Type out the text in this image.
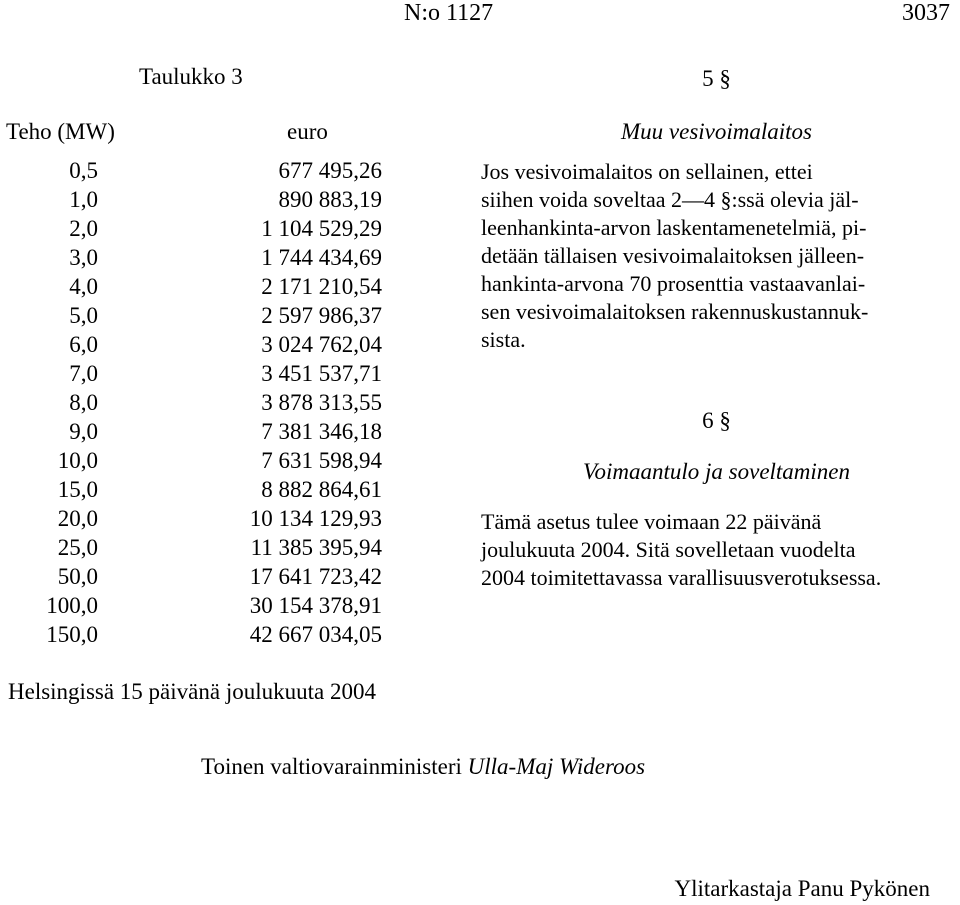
N:o 1127	3037
Taulukko 3
Teho (MW)	euro
0,5	677 495,26
1,0	890 883,19
2,0	1 104 529,29
3,0	1 744 434,69
4,0	2 171 210,54
5,0	2 597 986,37
6,0	3 024 762,04
7,0	3 451 537,71
8,0	3 878 313,55
9,0	7 381 346,18
10,0	7 631 598,94
15,0	8 882 864,61
20,0	10 134 129,93
25,0	11 385 395,94
50,0	17 641 723,42
100,0	30 154 378,91
150,0	42 667 034,05
5 §
Muu vesivoimalaitos

Jos vesivoimalaitos on sellainen, ettei

siihen voida soveltaa 2—4 §:ssä olevia jäl-

leenhankinta-arvon laskentamenetelmiä, pi-

detään tällaisen vesivoimalaitoksen jälleen-

hankinta-arvona 70 prosenttia vastaavanlai-

sen vesivoimalaitoksen rakennuskustannuk-

sista.

6 §
Voimaantulo ja soveltaminen

Tämä asetus tulee voimaan 22 päivänä

joulukuuta 2004. Sitä sovelletaan vuodelta

2004 toimitettavassa varallisuusverotuksessa.

Helsingissä 15 päivänä joulukuuta 2004
Toinen valtiovarainministeri Ulla-Maj Wideroos
Ylitarkastaja Panu Pykönen
